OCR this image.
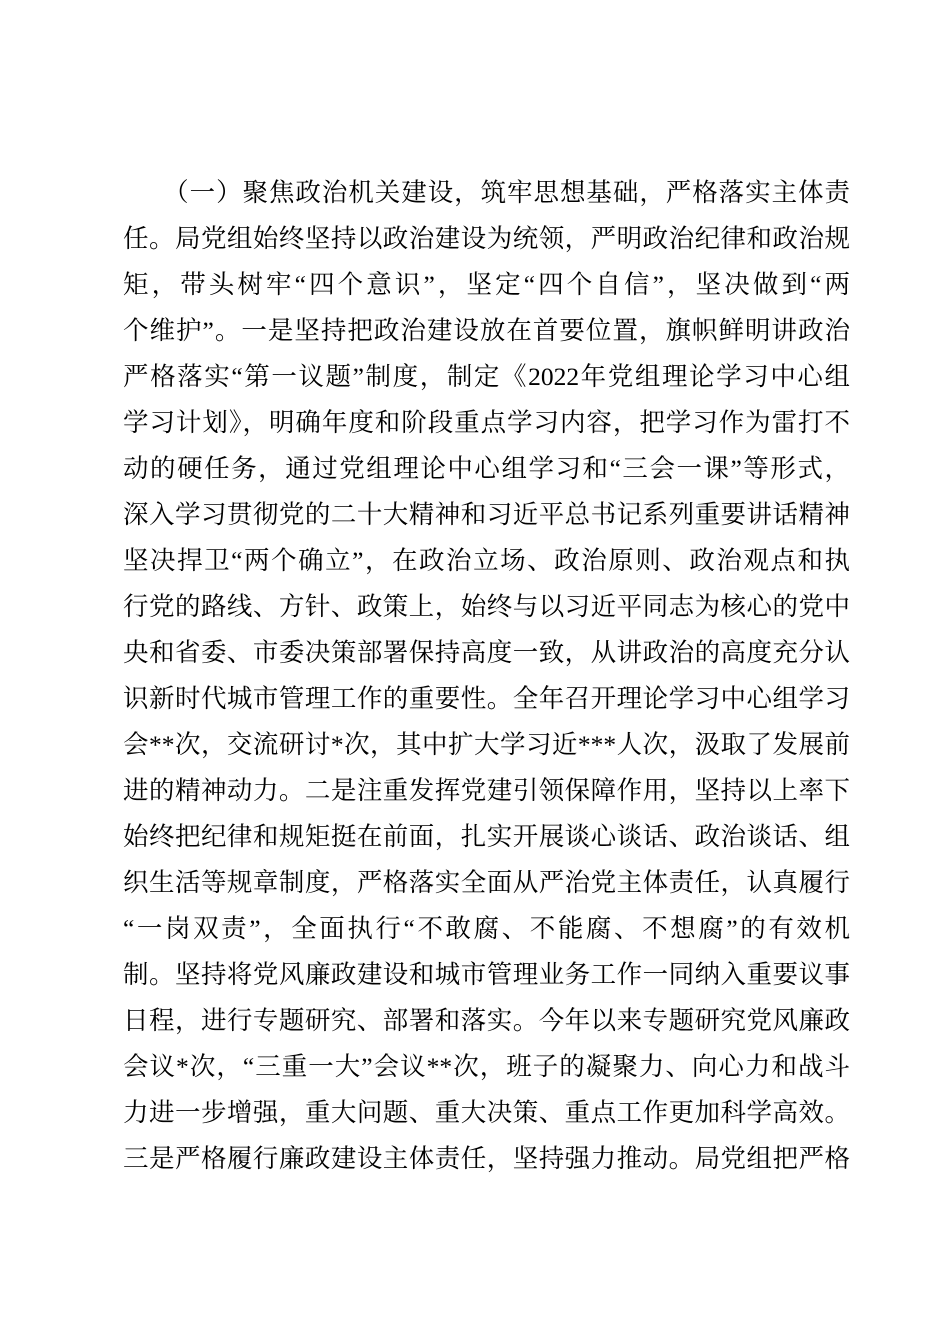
　　（一）聚焦政治机关建设，筑牢思想基础，严格落实主体责
任。局党组始终坚持以政治建设为统领，严明政治纪律和政治规
矩，带头树牢“四个意识”，坚定“四个自信”，坚决做到“两
个维护”。一是坚持把政治建设放在首要位置，旗帜鲜明讲政治
严格落实“第一议题”制度，制定《2022年党组理论学习中心组
学习计划》，明确年度和阶段重点学习内容，把学习作为雷打不
动的硬任务，通过党组理论中心组学习和“三会一课”等形式，
深入学习贯彻党的二十大精神和习近平总书记系列重要讲话精神
坚决捍卫“两个确立”，在政治立场、政治原则、政治观点和执
行党的路线、方针、政策上，始终与以习近平同志为核心的党中
央和省委、市委决策部署保持高度一致，从讲政治的高度充分认
识新时代城市管理工作的重要性。全年召开理论学习中心组学习
会**次，交流研讨*次，其中扩大学习近***人次，汲取了发展前
进的精神动力。二是注重发挥党建引领保障作用，坚持以上率下
始终把纪律和规矩挺在前面，扎实开展谈心谈话、政治谈话、组
织生活等规章制度，严格落实全面从严治党主体责任，认真履行
“一岗双责”，全面执行“不敢腐、不能腐、不想腐”的有效机
制。坚持将党风廉政建设和城市管理业务工作一同纳入重要议事
日程，进行专题研究、部署和落实。今年以来专题研究党风廉政
会议*次，“三重一大”会议**次，班子的凝聚力、向心力和战斗
力进一步增强，重大问题、重大决策、重点工作更加科学高效。
三是严格履行廉政建设主体责任，坚持强力推动。局党组把严格
